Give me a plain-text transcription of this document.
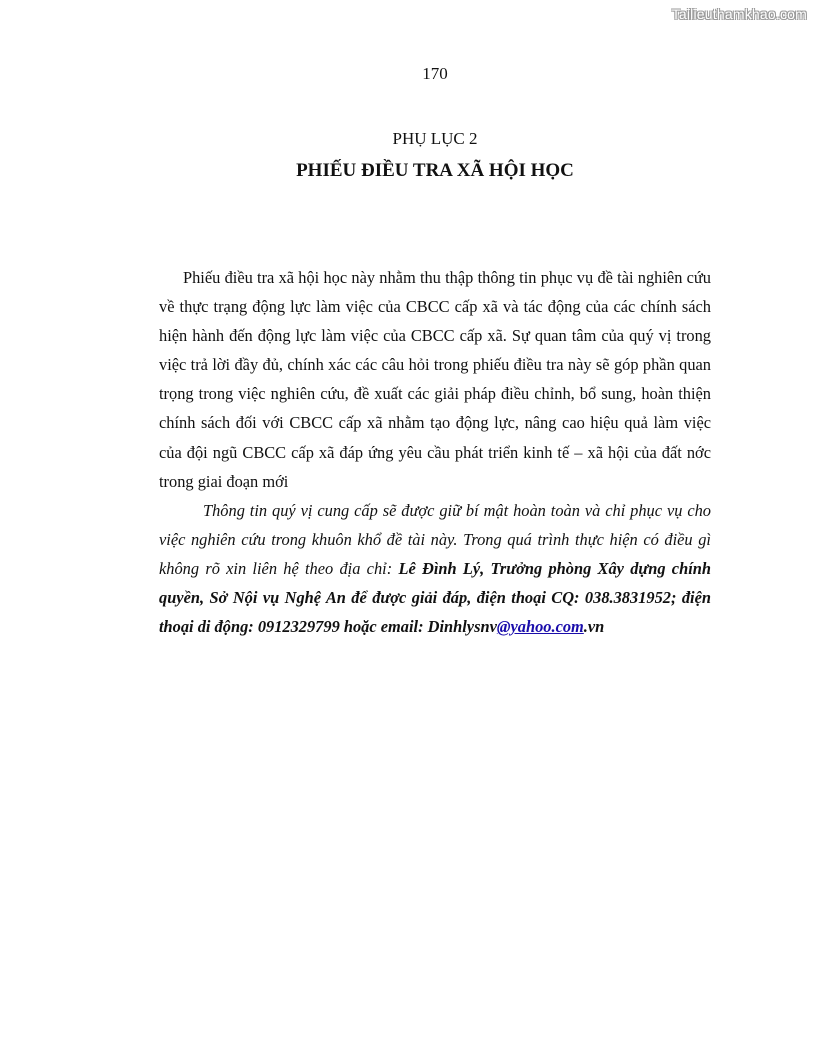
Tailieuthamkhao.com
170
PHỤ LỤC 2
PHIẾU ĐIỀU TRA XÃ HỘI HỌC

Phiếu điều tra xã hội học này nhằm thu thập thông tin phục vụ đề tài nghiên cứu về thực trạng động lực làm việc của CBCC cấp xã và tác động của các chính sách hiện hành đến động lực làm việc của CBCC cấp xã. Sự quan tâm của quý vị trong việc trả lời đầy đủ, chính xác các câu hỏi trong phiếu điều tra này sẽ góp phần quan trọng trong việc nghiên cứu, đề xuất các giải pháp điều chỉnh, bổ sung, hoàn thiện chính sách đối với CBCC cấp xã nhằm tạo động lực, nâng cao hiệu quả làm việc của đội ngũ CBCC cấp xã đáp ứng yêu cầu phát triển kinh tế – xã hội của đất nớc trong giai đoạn mới

Thông tin quý vị cung cấp sẽ được giữ bí mật hoàn toàn và chỉ phục vụ cho việc nghiên cứu trong khuôn khổ đề tài này. Trong quá trình thực hiện có điều gì không rõ xin liên hệ theo địa chỉ: Lê Đình Lý, Trưởng phòng Xây dựng chính quyền, Sở Nội vụ Nghệ An để được giải đáp, điện thoại CQ: 038.3831952; điện thoại di động: 0912329799 hoặc email: Dinhlysnv@yahoo.com.vn
